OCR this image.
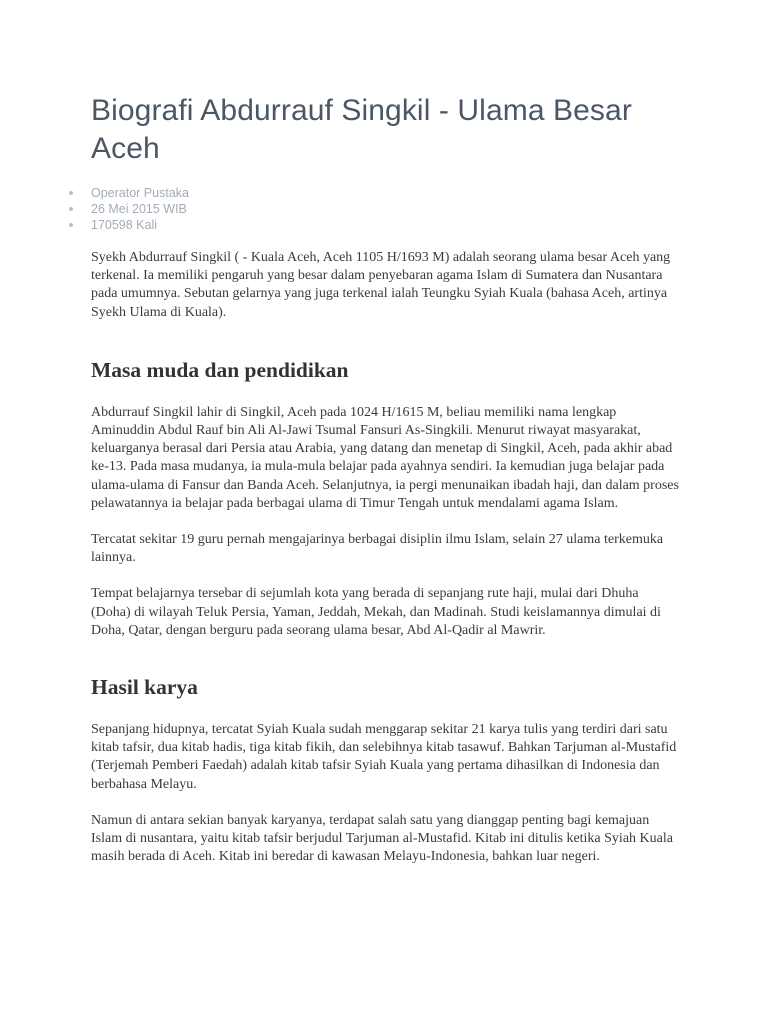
Biografi Abdurrauf Singkil - Ulama Besar Aceh
Operator Pustaka
26 Mei 2015 WIB
170598 Kali

Syekh Abdurrauf Singkil ( - Kuala Aceh, Aceh 1105 H/1693 M) adalah seorang ulama besar Aceh yang terkenal. Ia memiliki pengaruh yang besar dalam penyebaran agama Islam di Sumatera dan Nusantara pada umumnya. Sebutan gelarnya yang juga terkenal ialah Teungku Syiah Kuala (bahasa Aceh, artinya Syekh Ulama di Kuala).

Masa muda dan pendidikan

Abdurrauf Singkil lahir di Singkil, Aceh pada 1024 H/1615 M, beliau memiliki nama lengkap Aminuddin Abdul Rauf bin Ali Al-Jawi Tsumal Fansuri As-Singkili. Menurut riwayat masyarakat, keluarganya berasal dari Persia atau Arabia, yang datang dan menetap di Singkil, Aceh, pada akhir abad ke-13. Pada masa mudanya, ia mula-mula belajar pada ayahnya sendiri. Ia kemudian juga belajar pada ulama-ulama di Fansur dan Banda Aceh. Selanjutnya, ia pergi menunaikan ibadah haji, dan dalam proses pelawatannya ia belajar pada berbagai ulama di Timur Tengah untuk mendalami agama Islam.

Tercatat sekitar 19 guru pernah mengajarinya berbagai disiplin ilmu Islam, selain 27 ulama terkemuka lainnya.

Tempat belajarnya tersebar di sejumlah kota yang berada di sepanjang rute haji, mulai dari Dhuha (Doha) di wilayah Teluk Persia, Yaman, Jeddah, Mekah, dan Madinah. Studi keislamannya dimulai di Doha, Qatar, dengan berguru pada seorang ulama besar, Abd Al-Qadir al Mawrir.

Hasil karya

Sepanjang hidupnya, tercatat Syiah Kuala sudah menggarap sekitar 21 karya tulis yang terdiri dari satu kitab tafsir, dua kitab hadis, tiga kitab fikih, dan selebihnya kitab tasawuf. Bahkan Tarjuman al-Mustafid (Terjemah Pemberi Faedah) adalah kitab tafsir Syiah Kuala yang pertama dihasilkan di Indonesia dan berbahasa Melayu.

Namun di antara sekian banyak karyanya, terdapat salah satu yang dianggap penting bagi kemajuan Islam di nusantara, yaitu kitab tafsir berjudul Tarjuman al-Mustafid. Kitab ini ditulis ketika Syiah Kuala masih berada di Aceh. Kitab ini beredar di kawasan Melayu-Indonesia, bahkan luar negeri.
